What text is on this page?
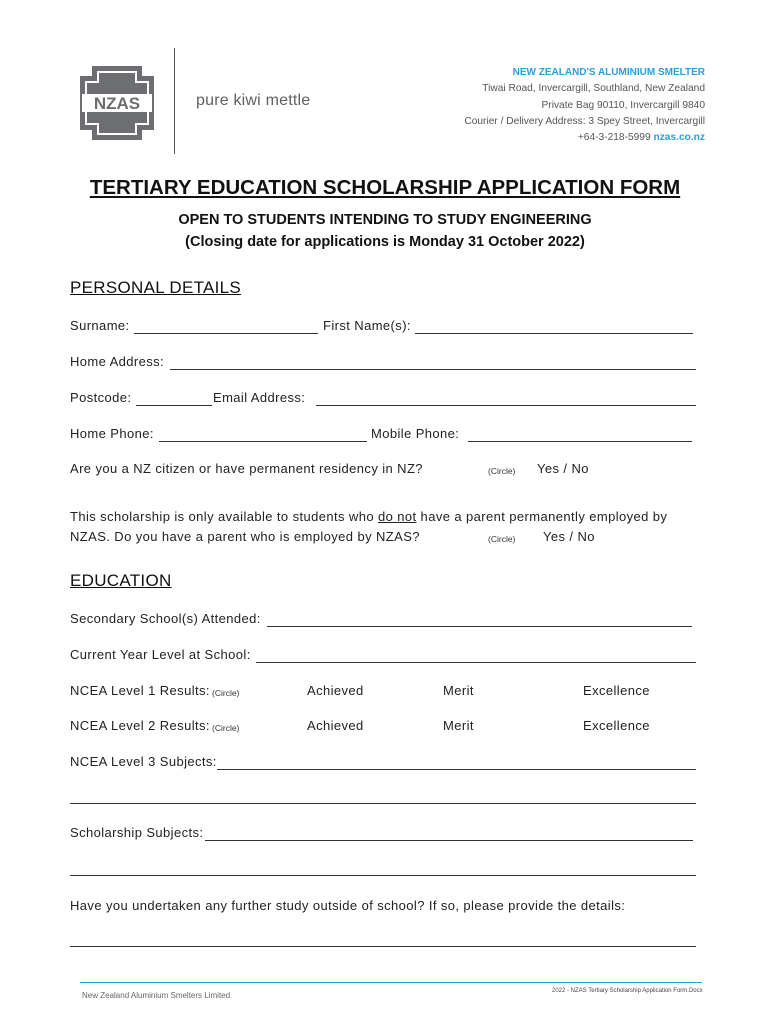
NZAS	pure kiwi mettle
NEW ZEALAND'S ALUMINIUM SMELTER
Tiwai Road, Invercargill, Southland, New Zealand
Private Bag 90110, Invercargill 9840
Courier / Delivery Address: 3 Spey Street, Invercargill
+64-3-218-5999 nzas.co.nz
TERTIARY EDUCATION SCHOLARSHIP APPLICATION FORM
OPEN TO STUDENTS INTENDING TO STUDY ENGINEERING
(Closing date for applications is Monday 31 October 2022)
PERSONAL DETAILS
Surname:	First Name(s):
Home Address:
Postcode:	Email Address:
Home Phone:	Mobile Phone:
Are you a NZ citizen or have permanent residency in NZ?	(Circle) Yes / No
This scholarship is only available to students who do not have a parent permanently employed by
NZAS. Do you have a parent who is employed by NZAS?	(Circle) Yes / No
EDUCATION
Secondary School(s) Attended:
Current Year Level at School:
NCEA Level 1 Results: (Circle)	Achieved	Merit	Excellence
NCEA Level 2 Results: (Circle)	Achieved	Merit	Excellence
NCEA Level 3 Subjects:
Scholarship Subjects:
Have you undertaken any further study outside of school? If so, please provide the details:
New Zealand Aluminium Smelters Limited	2022 - NZAS Tertiary Scholarship Application Form.Docx
